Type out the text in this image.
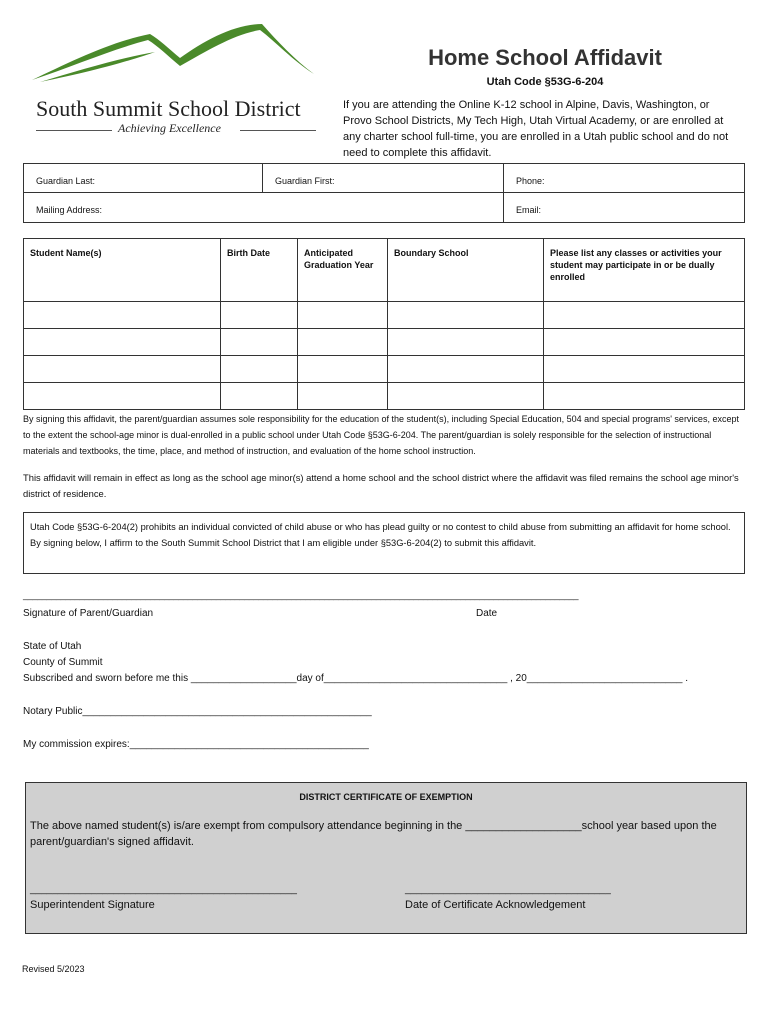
South Summit School District
Achieving Excellence
Home School Affidavit
Utah Code §53G-6-204
If you are attending the Online K-12 school in Alpine, Davis, Washington, or Provo School Districts, My Tech High, Utah Virtual Academy, or are enrolled at any charter school full-time, you are enrolled in a Utah public school and do not need to complete this affidavit.
Guardian Last:	Guardian First:	Phone:
Mailing Address:		Email:
Student Name(s)	Birth Date	Anticipated Graduation Year	Boundary School	Please list any classes or activities your student may participate in or be dually enrolled

By signing this affidavit, the parent/guardian assumes sole responsibility for the education of the student(s), including Special Education, 504 and special programs' services, except to the extent the school-age minor is dual-enrolled in a public school under Utah Code §53G-6-204. The parent/guardian is solely responsible for the selection of instructional materials and textbooks, the time, place, and method of instruction, and evaluation of the home school instruction.
This affidavit will remain in effect as long as the school age minor(s) attend a home school and the school district where the affidavit was filed remains the school age minor's district of residence.
Utah Code §53G-6-204(2) prohibits an individual convicted of child abuse or who has plead guilty or no contest to child abuse from submitting an affidavit for home school. By signing below, I affirm to the South Summit School District that I am eligible under §53G-6-204(2) to submit this affidavit.
______________________________________________________________________________________________________________________
Signature of Parent/Guardian	Date
State of Utah
County of Summit
Subscribed and sworn before me this ___________________day of_________________________________ , 20____________________________ .
Notary Public____________________________________________________
My commission expires:___________________________________________
DISTRICT CERTIFICATE OF EXEMPTION
The above named student(s) is/are exempt from compulsory attendance beginning in the ___________________school year based upon the parent/guardian's signed affidavit.
________________________________________________	_____________________________________
Superintendent Signature	Date of Certificate Acknowledgement
Revised 5/2023
